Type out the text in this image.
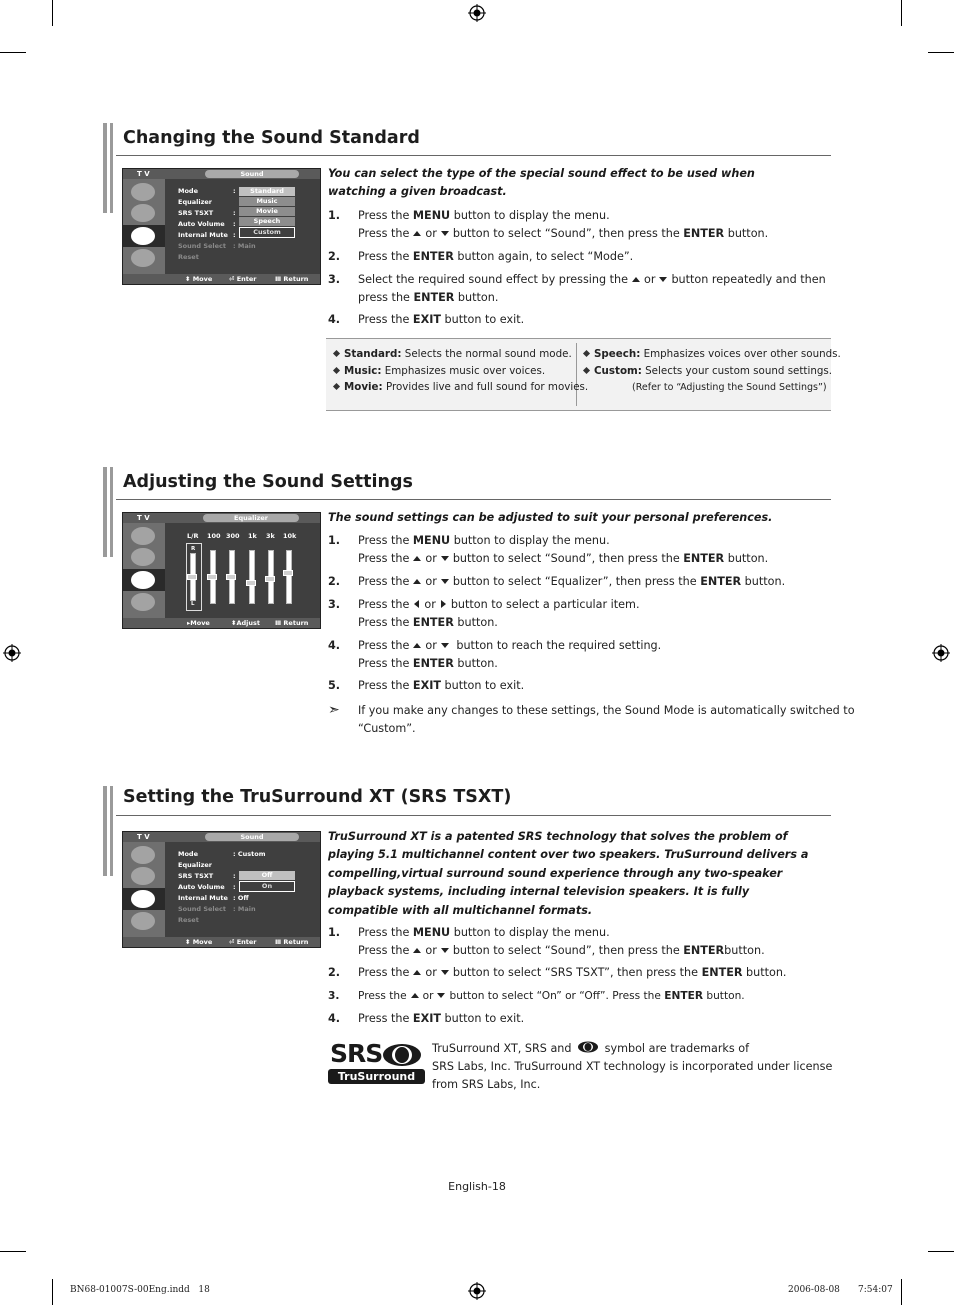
Changing the Sound Standard
T V	Sound
Mode
Equalizer
SRS TSXT
Auto Volume
Internal Mute
Sound Select
Reset
:
:
:
:
: Main
Standard
Music
Movie
Speech
Custom
⬍ Move	⏎ Enter	Ⅲ Return
You can select the type of the special sound effect to be used when watching a given broadcast.
1. Press the MENU button to display the menu.
Press the or button to select “Sound”, then press the ENTER button.
2. Press the ENTER button again, to select “Mode”.
3. Select the required sound effect by pressing the or button repeatedly and then
press the ENTER button.
4. Press the EXIT button to exit.
Standard: Selects the normal sound mode.
Music: Emphasizes music over voices.
Movie: Provides live and full sound for movies.
Speech: Emphasizes voices over other sounds.
Custom: Selects your custom sound settings.
(Refer to “Adjusting the Sound Settings”)
Adjusting the Sound Settings
T V	Equalizer
L/R 100 300 1k 3k 10k
R
L
▸Move	⬍Adjust Ⅲ Return
The sound settings can be adjusted to suit your personal preferences.
1. Press the MENU button to display the menu.
Press the or button to select “Sound”, then press the ENTER button.
2. Press the or button to select “Equalizer”, then press the ENTER button.
3. Press the or button to select a particular item.
Press the ENTER button.
4. Press the or button to reach the required setting.
Press the ENTER button.
5. Press the EXIT button to exit.
➣ If you make any changes to these settings, the Sound Mode is automatically switched to
“Custom”.
Setting the TruSurround XT (SRS TSXT)
T V	Sound
Mode
Equalizer
SRS TSXT
Auto Volume
Internal Mute
Sound Select
Reset
: Custom
:
:
: Off
: Main
Off
On
⬍ Move	⏎ Enter	Ⅲ Return
TruSurround XT is a patented SRS technology that solves the problem of playing 5.1 multichannel content over two speakers. TruSurround delivers a compelling,virtual surround sound experience through any two-speaker playback systems, including internal television speakers. It is fully compatible with all multichannel formats.
1. Press the MENU button to display the menu.
Press the or button to select “Sound”, then press the ENTERbutton.
2. Press the or button to select “SRS TSXT”, then press the ENTER button.
3. Press the or button to select “On” or “Off”. Press the ENTER button.
4. Press the EXIT button to exit.
SRS
TruSurround XT
TruSurround XT, SRS and	symbol are trademarks of
SRS Labs, Inc. TruSurround XT technology is incorporated under license
from SRS Labs, Inc.
English-18
BN68-01007S-00Eng.indd   18	2006-08-08 7:54:07
